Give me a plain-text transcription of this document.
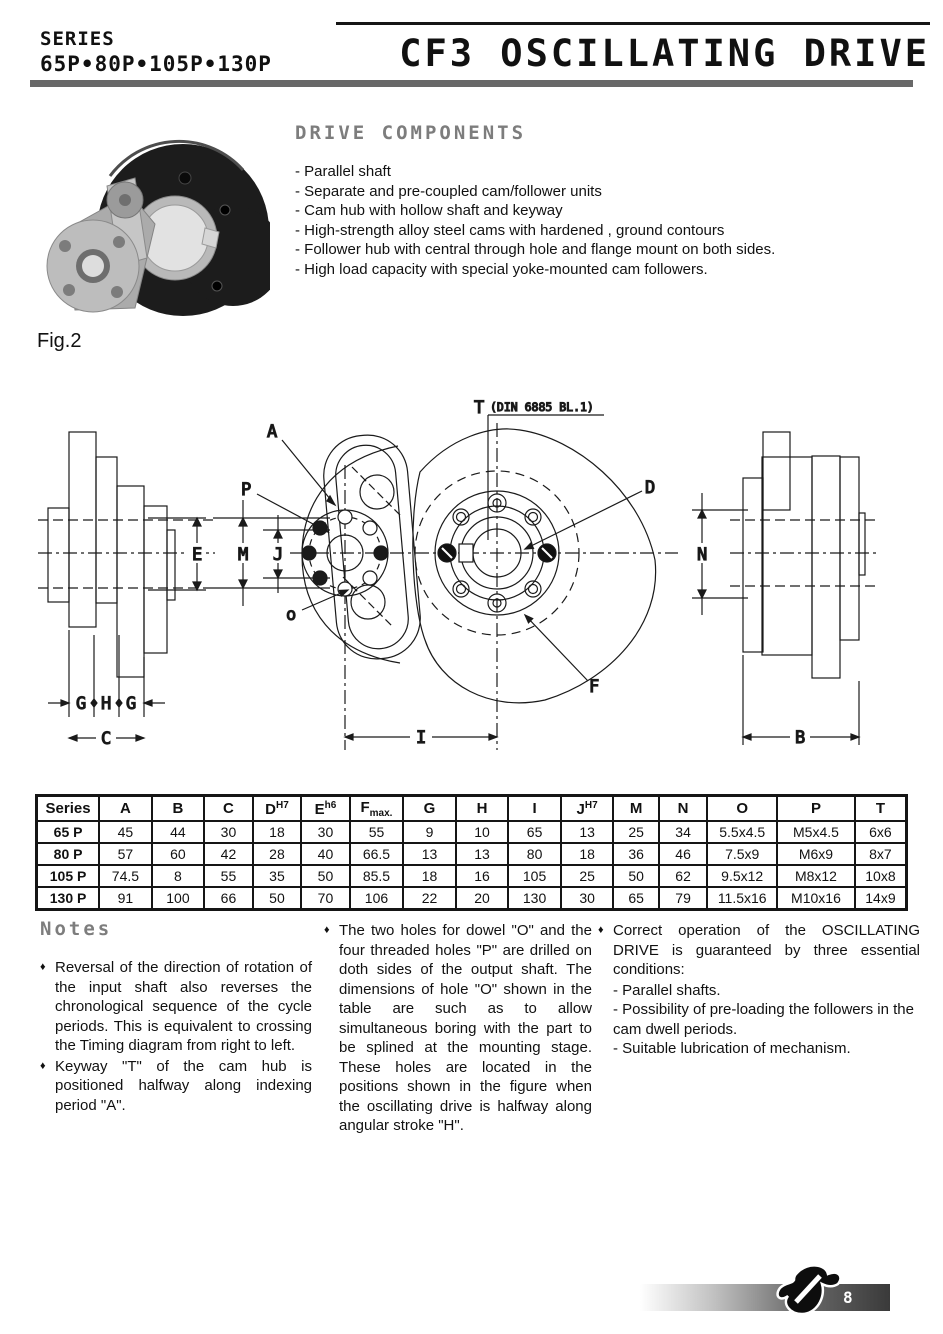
SERIES
65P•80P•105P•130P	CF3 OSCILLATING DRIVE
Fig.2
DRIVE COMPONENTS
- Parallel shaft
- Separate and pre-coupled cam/follower units
- Cam hub with hollow shaft and keyway
- High-strength alloy steel cams with hardened , ground contours
- Follower hub with central through hole and flange mount on both sides.
- High load capacity with special yoke-mounted cam followers.
E
G H G
C
T (DIN 6885 BL.1)
A
P
o
D
F
M J
I
N
B
Series	A	B	C	$D^{H7}$	$E^{h6}$	$F_{max.}$	G	H	I	$J^{H7}$	M	N	O	P	T
65 P	45	44	30	18	30	55	9	10	65	13	25	34	5.5x4.5	M5x4.5	6x6
80 P	57	60	42	28	40	66.5	13	13	80	18	36	46	7.5x9	M6x9	8x7
105 P	74.5	8	55	35	50	85.5	18	16	105	25	50	62	9.5x12	M8x12	10x8
130 P	91	100	66	50	70	106	22	20	130	30	65	79	11.5x16	M10x16	14x9
Notes
♦ Reversal of the direction of rotation of the input shaft also reverses the chronological sequence of the cycle periods. This is equivalent to crossing the Timing diagram from right to left.
♦ Keyway "T" of the cam hub is positioned halfway along indexing period "A".
♦ The two holes for dowel "O" and the four threaded holes "P" are drilled on doth sides of the output shaft. The dimensions of hole "O" shown in the table are such as to allow simultaneous boring with the part to be splined at the mounting stage. These holes are located in the positions shown in the figure when the oscillating drive is halfway along angular stroke "H".
♦ Correct operation of the OSCILLATING DRIVE is guaranteed by three essential conditions:
- Parallel shafts.
- Possibility of pre-loading the followers in the cam dwell periods.
- Suitable lubrication of mechanism.
8
